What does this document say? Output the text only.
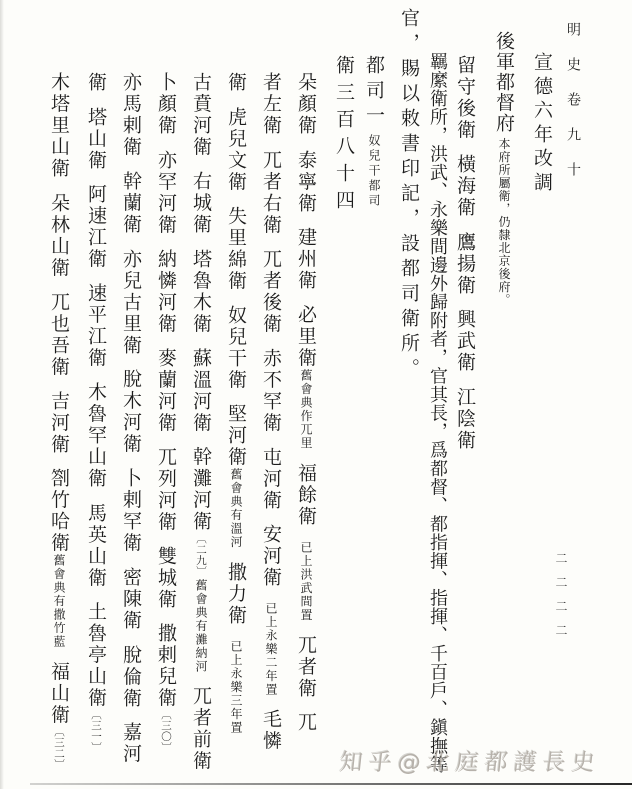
明史卷九十
宣德六年改調
二二二二
後軍都督府本府所屬衛，仍隸北京後府。
留守後衛橫海衛鷹揚衛興武衛江陰衛
羈縻衛所，洪武、永樂間邊外歸附者，官其長，爲都督、都指揮、指揮、千百戶、鎭撫等
官，賜以敕書印記，設都司衛所。
都司一奴兒干都司
衛三百八十四
朵顏衛泰寧衛建州衛必里衛舊會典作兀里福餘衛已上洪武間置兀者衛兀
者左衛兀者右衛兀者後衛赤不罕衛屯河衛安河衛已上永樂二年置毛憐
衛虎兒文衛失里綿衛奴兒干衛堅河衛舊會典有溫河撒力衛已上永樂三年置
古賁河衛右城衛塔魯木衛蘇溫河衛幹灘河衛〔二九〕舊會典有灘納河兀者前衛
卜顏衛亦罕河衛納憐河衛麥蘭河衛兀列河衛雙城衛撒剌兒衛〔三〇〕
亦馬剌衛幹蘭衛亦兒古里衛脫木河衛卜剌罕衛密陳衛脫倫衛嘉河
衛塔山衛阿速江衛速平江衛木魯罕山衛馬英山衛土魯亭山衛〔三一〕
木塔里山衛朵林山衛兀也吾衛吉河衛劄竹哈衛舊會典有撒竹藍福山衛〔三二〕	知乎@北庭都護長史
